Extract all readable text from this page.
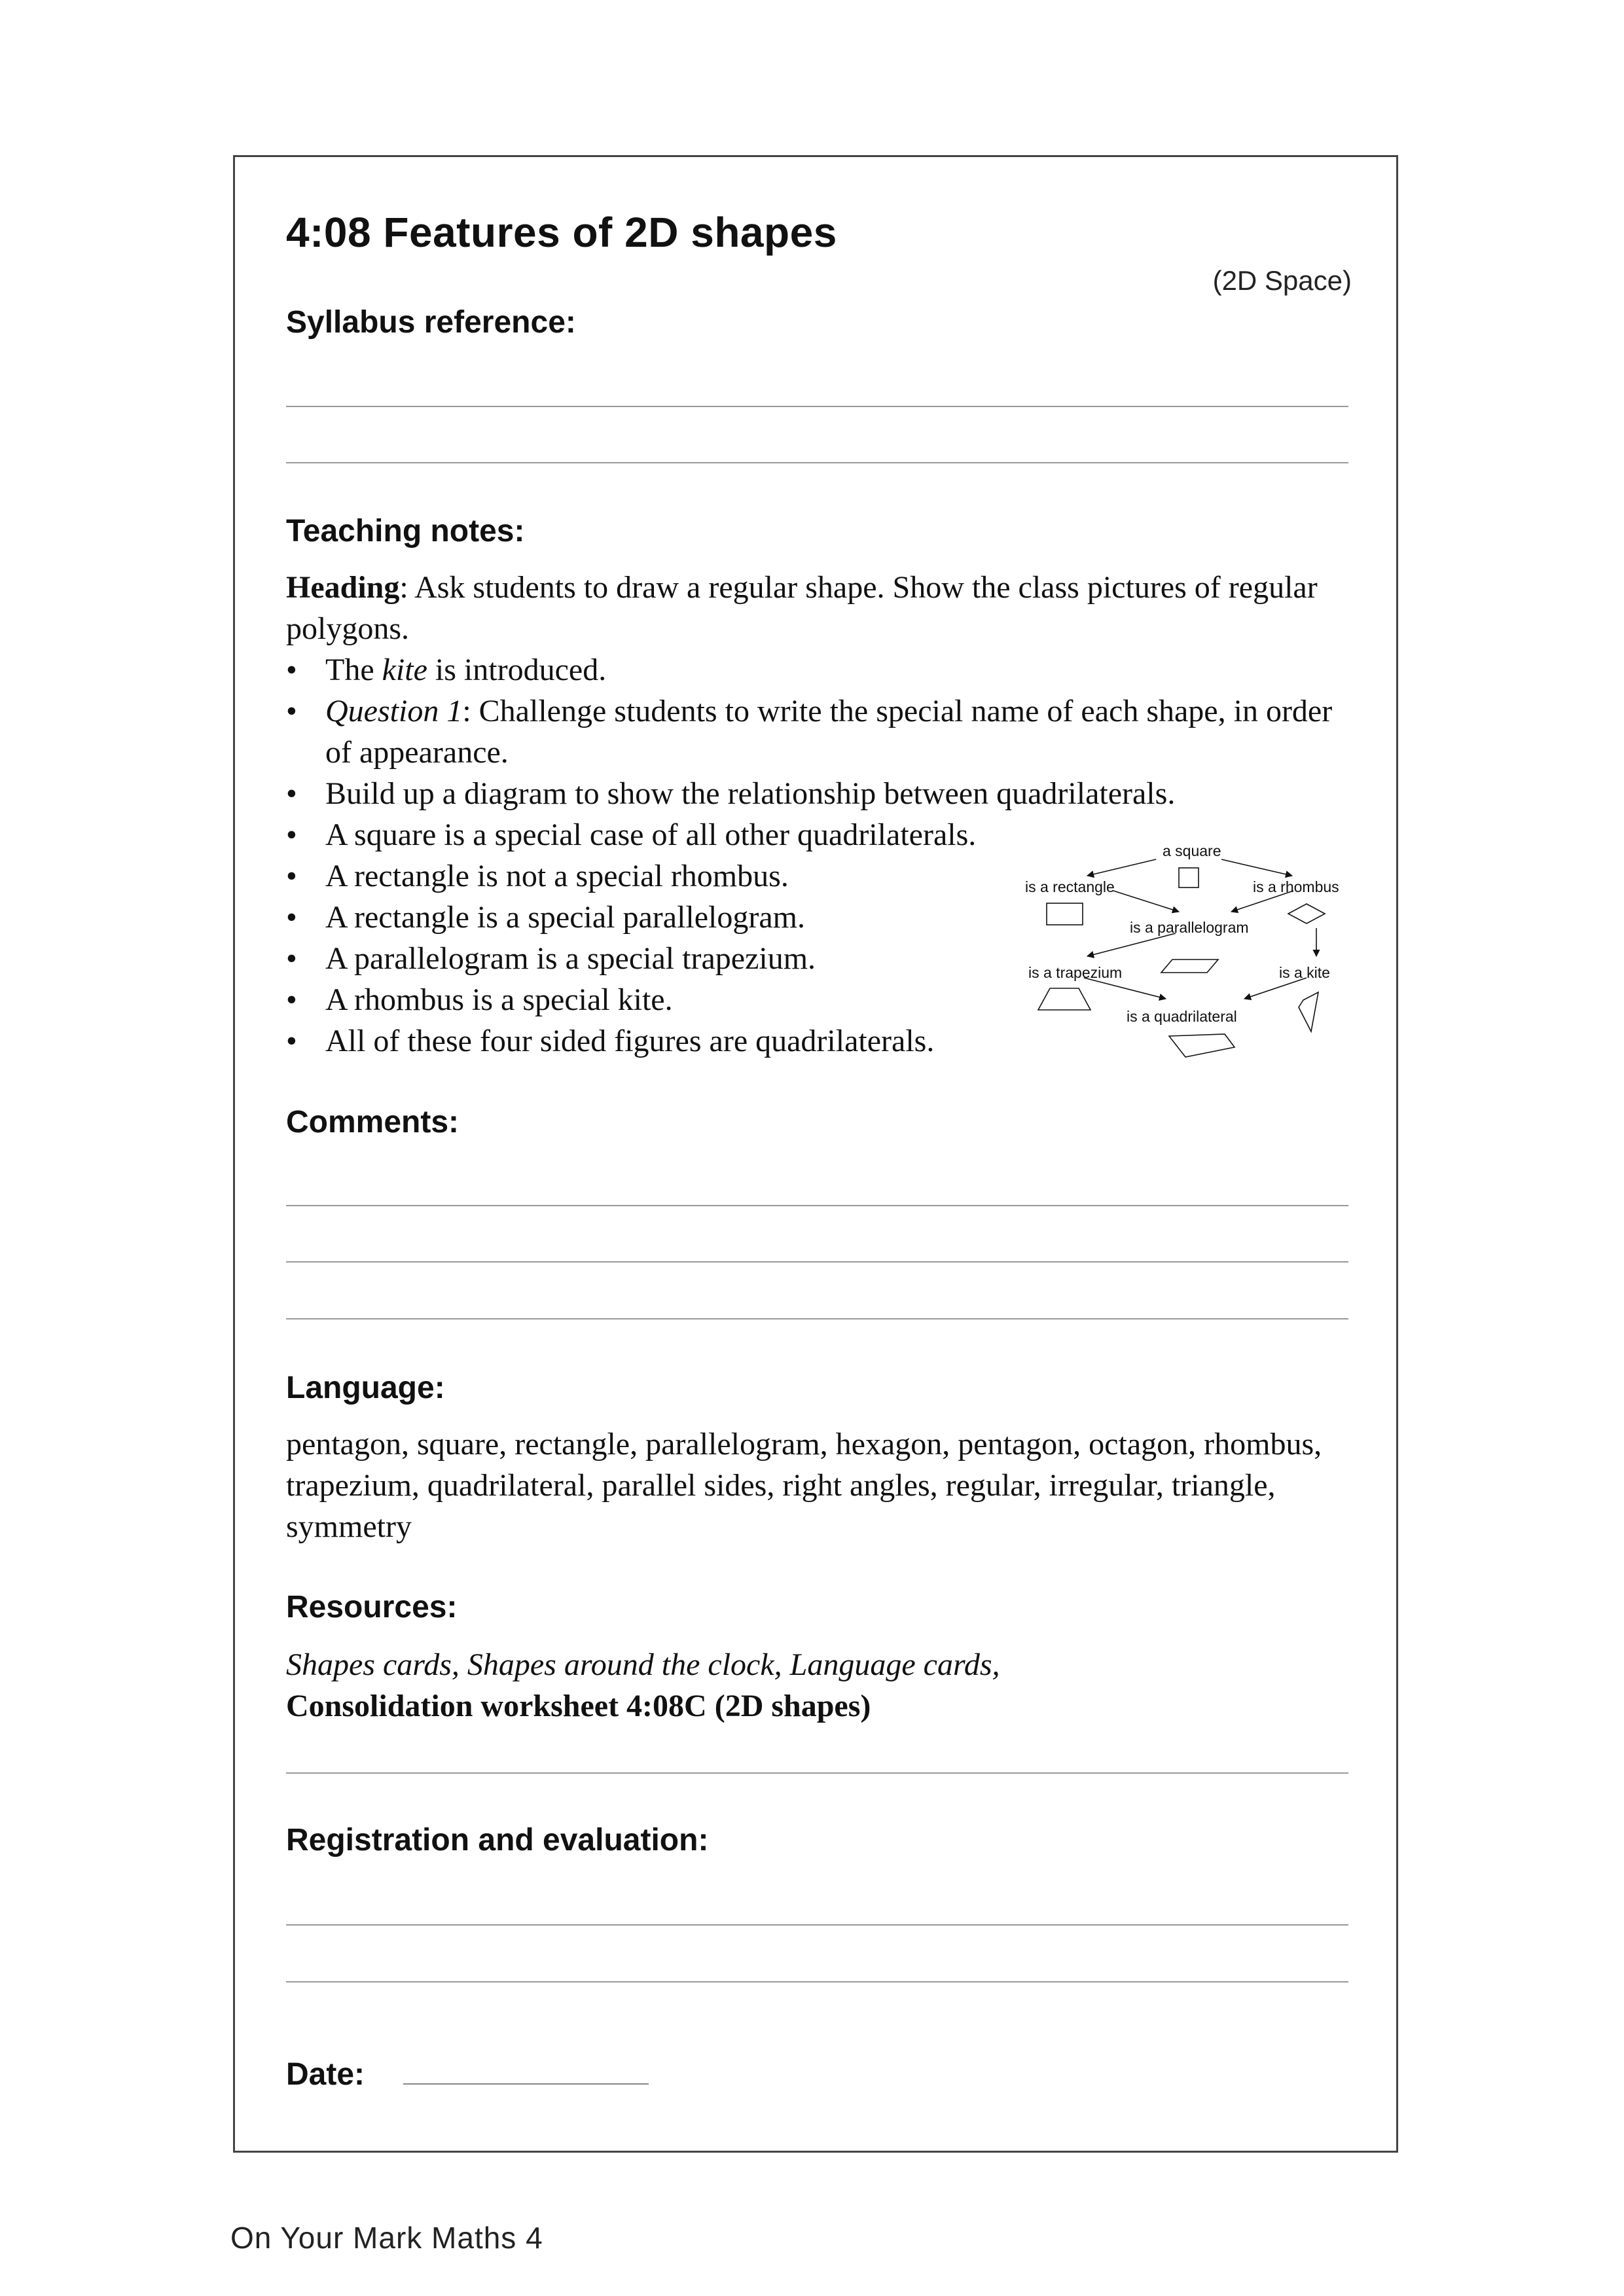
4:08 Features of 2D shapes
(2D Space)
Syllabus reference:
Teaching notes:

Heading: Ask students to draw a regular shape. Show the class pictures of regular polygons.

• The kite is introduced.
• Question 1: Challenge students to write the special name of each shape, in order of appearance.
• Build up a diagram to show the relationship between quadrilaterals.
• A square is a special case of all other quadrilaterals.
• A rectangle is not a special rhombus.
• A rectangle is a special parallelogram.
• A parallelogram is a special trapezium.
• A rhombus is a special kite.
• All of these four sided figures are quadrilaterals.
a square
is a rectangle	is a rhombus
is a parallelogram
is a trapezium	is a kite
is a quadrilateral
Comments:
Language:

pentagon, square, rectangle, parallelogram, hexagon, pentagon, octagon, rhombus, trapezium, quadrilateral, parallel sides, right angles, regular, irregular, triangle, symmetry

Resources:

Shapes cards, Shapes around the clock, Language cards,
Consolidation worksheet 4:08C (2D shapes)

Registration and evaluation:
Date:
On Your Mark Maths 4
